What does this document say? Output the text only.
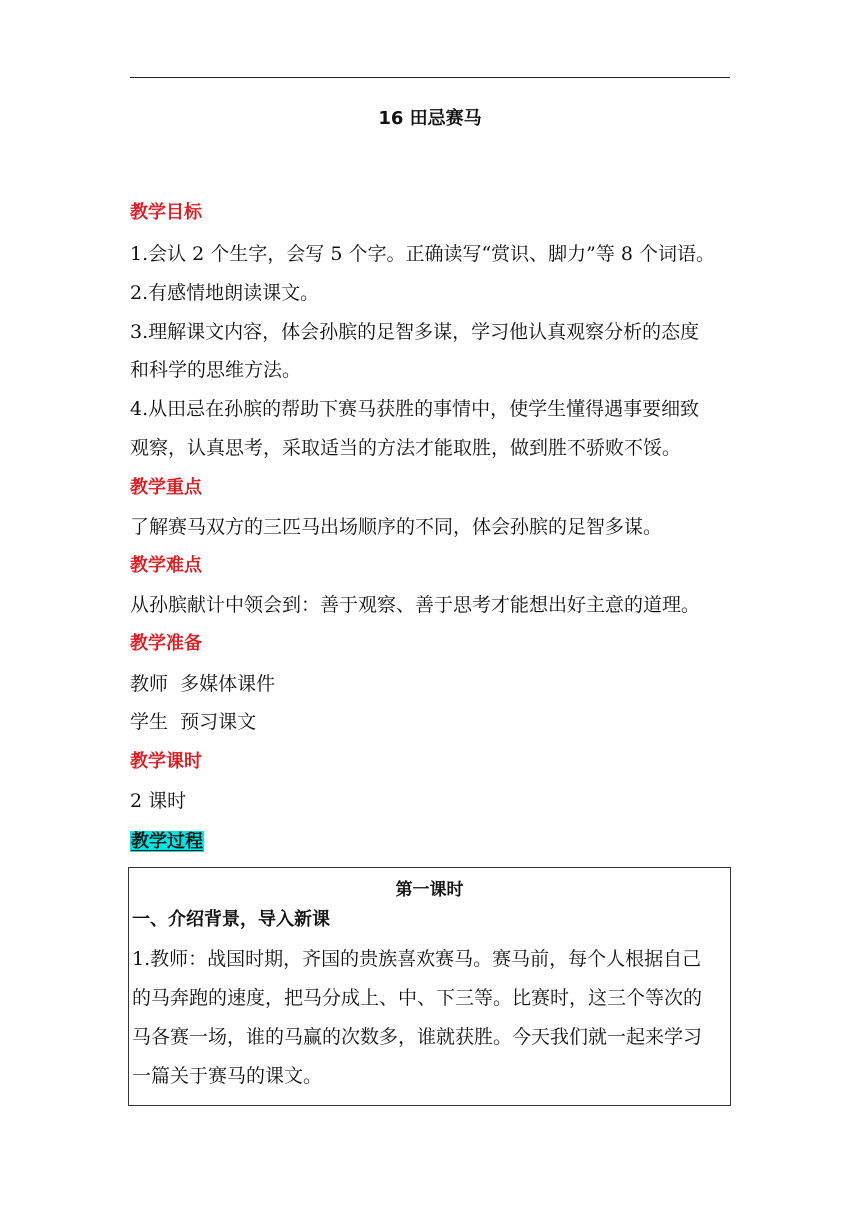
16 田忌赛马
教学目标
1.会认 2 个生字，会写 5 个字。正确读写“赏识、脚力”等 8 个词语。
2.有感情地朗读课文。
3.理解课文内容，体会孙膑的足智多谋，学习他认真观察分析的态度
和科学的思维方法。
4.从田忌在孙膑的帮助下赛马获胜的事情中，使学生懂得遇事要细致
观察，认真思考，采取适当的方法才能取胜，做到胜不骄败不馁。
教学重点
了解赛马双方的三匹马出场顺序的不同，体会孙膑的足智多谋。
教学难点
从孙膑献计中领会到：善于观察、善于思考才能想出好主意的道理。
教学准备
教师  多媒体课件
学生  预习课文
教学课时
2 课时
教学过程
第一课时
一、介绍背景，导入新课
1.教师：战国时期，齐国的贵族喜欢赛马。赛马前，每个人根据自己
的马奔跑的速度，把马分成上、中、下三等。比赛时，这三个等次的
马各赛一场，谁的马赢的次数多，谁就获胜。今天我们就一起来学习
一篇关于赛马的课文。
